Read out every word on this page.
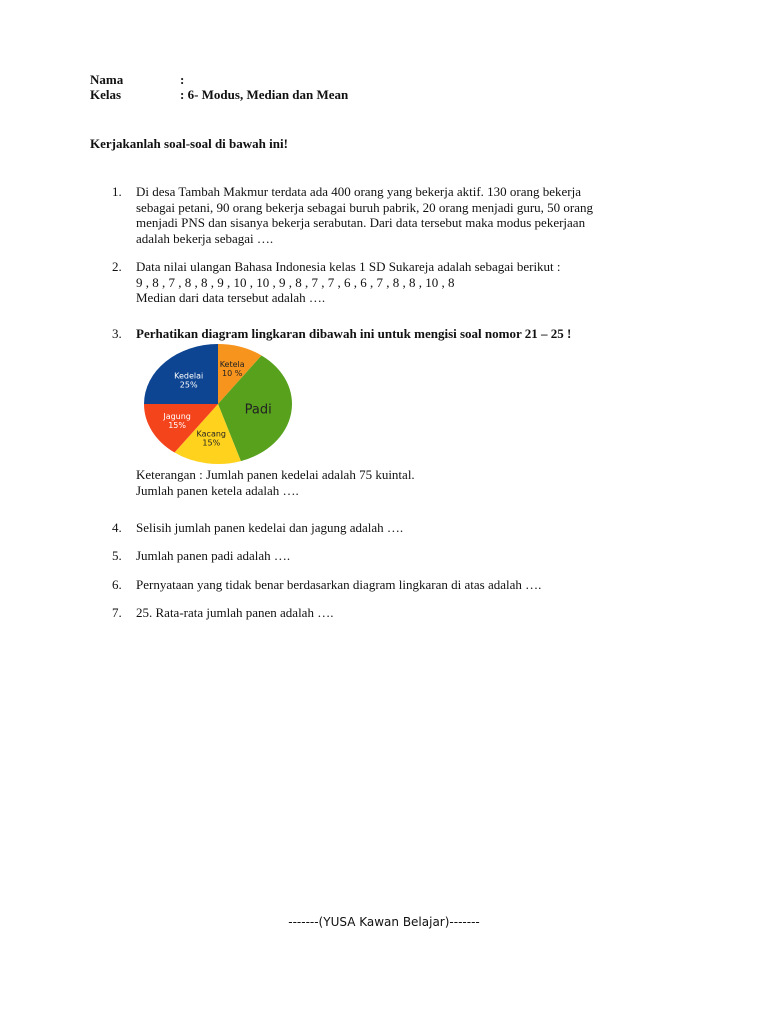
Nama	:
Kelas	: 6- Modus, Median dan Mean
Kerjakanlah soal-soal di bawah ini!
1. Di desa Tambah Makmur terdata ada 400 orang yang bekerja aktif. 130 orang bekerja
sebagai petani, 90 orang bekerja sebagai buruh pabrik, 20 orang menjadi guru, 50 orang
menjadi PNS dan sisanya bekerja serabutan. Dari data tersebut maka modus pekerjaan
adalah bekerja sebagai ….
2. Data nilai ulangan Bahasa Indonesia kelas 1 SD Sukareja adalah sebagai berikut :
9 , 8 , 7 , 8 , 8 , 9 , 10 , 10 , 9 , 8 , 7 , 7 , 6 , 6 , 7 , 8 , 8 , 10 , 8
Median dari data tersebut adalah ….
3. Perhatikan diagram lingkaran dibawah ini untuk mengisi soal nomor 21 – 25 !
Ketela
10 %
Padi
Kacang
15%
Jagung
15%
Kedelai
25%
Keterangan : Jumlah panen kedelai adalah 75 kuintal.
Jumlah panen ketela adalah ….
4. Selisih jumlah panen kedelai dan jagung adalah ….
5. Jumlah panen padi adalah ….
6. Pernyataan yang tidak benar berdasarkan diagram lingkaran di atas adalah ….
7. 25. Rata-rata jumlah panen adalah ….
-------(YUSA Kawan Belajar)-------
